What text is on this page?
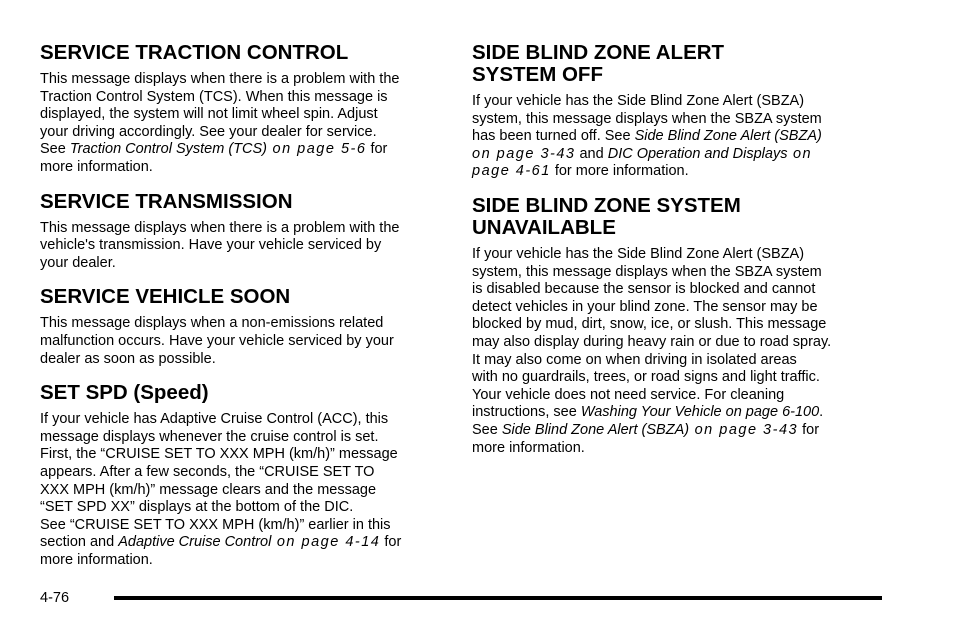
SERVICE TRACTION CONTROL

This message displays when there is a problem with the
Traction Control System (TCS). When this message is
displayed, the system will not limit wheel spin. Adjust
your driving accordingly. See your dealer for service.
See Traction Control System (TCS) on page 5-6 for
more information.

SERVICE TRANSMISSION

This message displays when there is a problem with the
vehicle's transmission. Have your vehicle serviced by
your dealer.

SERVICE VEHICLE SOON

This message displays when a non-emissions related
malfunction occurs. Have your vehicle serviced by your
dealer as soon as possible.

SET SPD (Speed)

If your vehicle has Adaptive Cruise Control (ACC), this
message displays whenever the cruise control is set.
First, the “CRUISE SET TO XXX MPH (km/h)” message
appears. After a few seconds, the “CRUISE SET TO
XXX MPH (km/h)” message clears and the message
“SET SPD XX” displays at the bottom of the DIC.
See “CRUISE SET TO XXX MPH (km/h)” earlier in this
section and Adaptive Cruise Control on page 4-14 for
more information.

SIDE BLIND ZONE ALERT
SYSTEM OFF

If your vehicle has the Side Blind Zone Alert (SBZA)
system, this message displays when the SBZA system
has been turned off. See Side Blind Zone Alert (SBZA)
on page 3-43 and DIC Operation and Displays on
page 4-61 for more information.

SIDE BLIND ZONE SYSTEM
UNAVAILABLE

If your vehicle has the Side Blind Zone Alert (SBZA)
system, this message displays when the SBZA system
is disabled because the sensor is blocked and cannot
detect vehicles in your blind zone. The sensor may be
blocked by mud, dirt, snow, ice, or slush. This message
may also display during heavy rain or due to road spray.
It may also come on when driving in isolated areas
with no guardrails, trees, or road signs and light traffic.
Your vehicle does not need service. For cleaning
instructions, see Washing Your Vehicle on page 6-100.
See Side Blind Zone Alert (SBZA) on page 3-43 for
more information.

4-76
